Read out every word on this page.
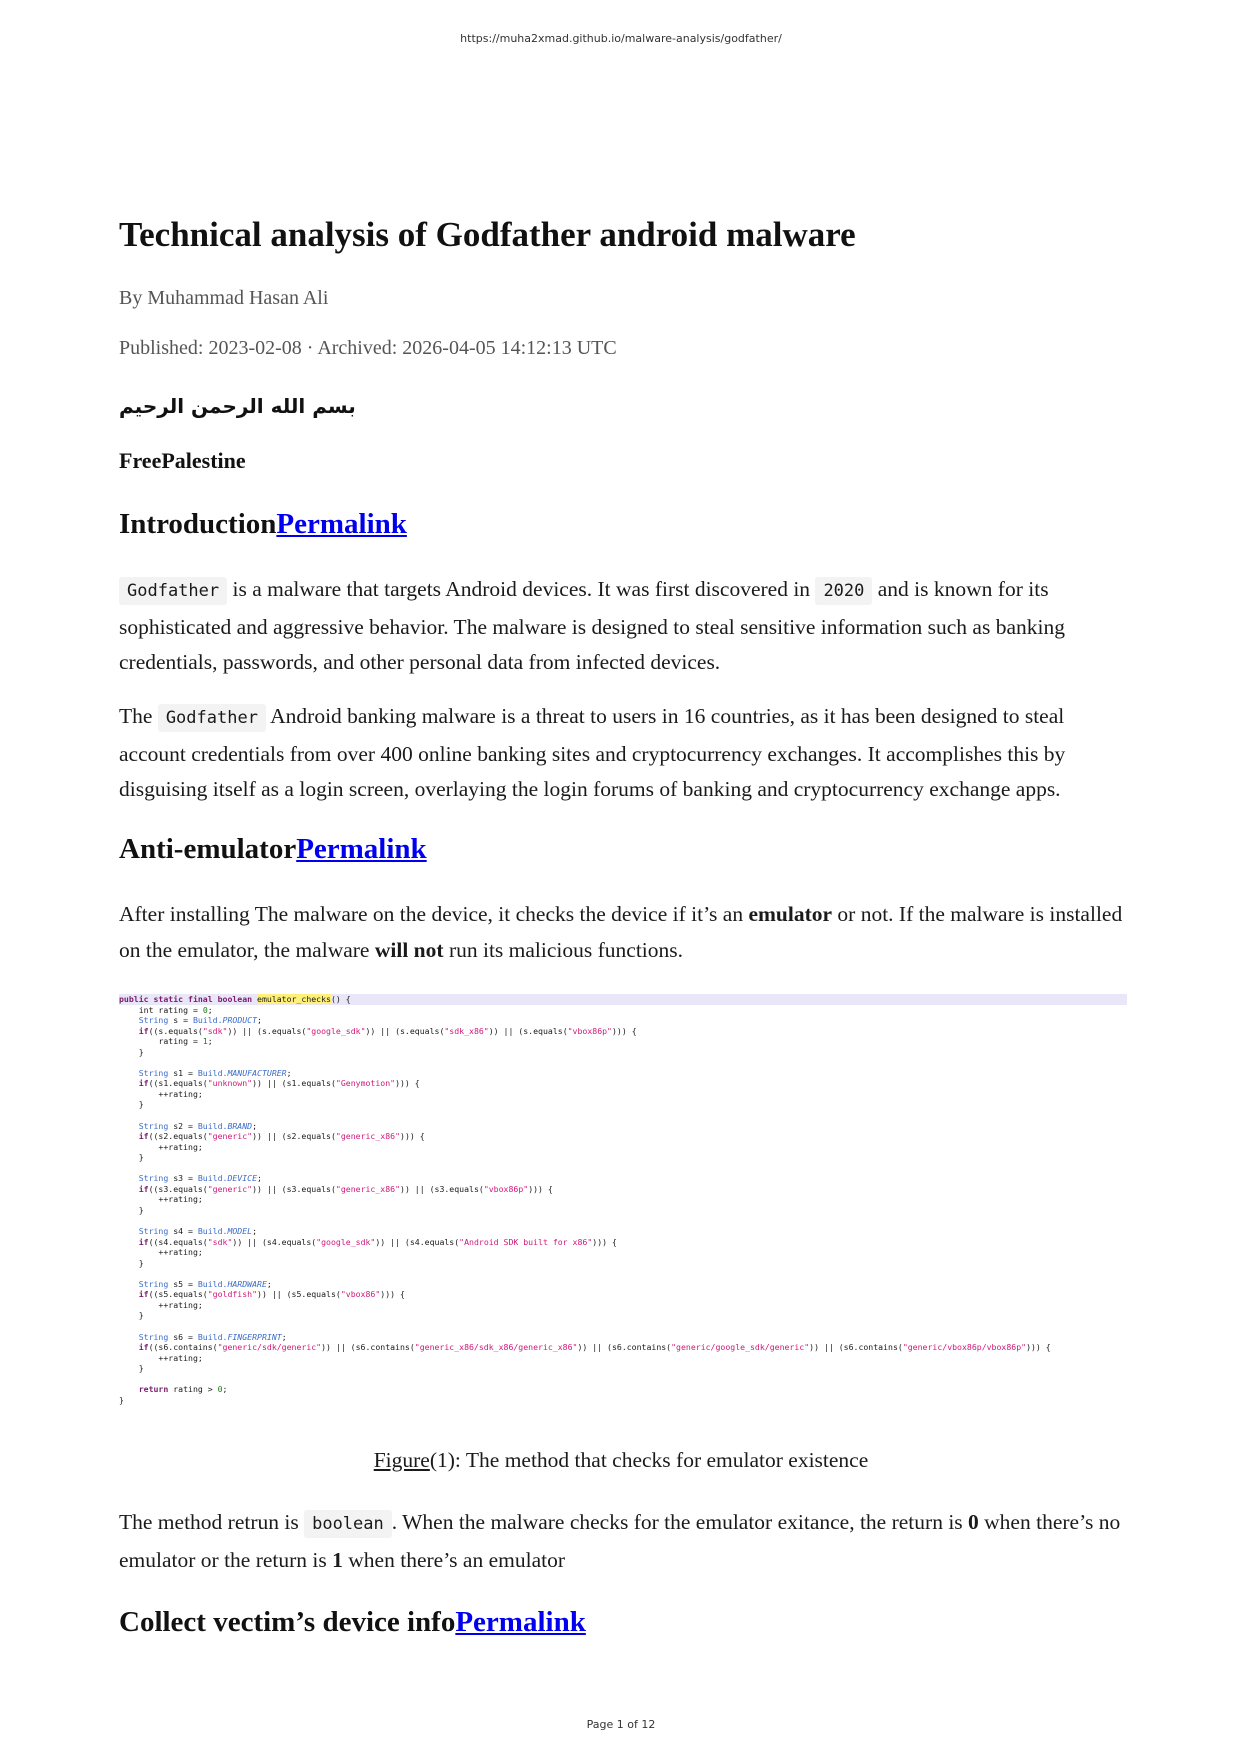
https://muha2xmad.github.io/malware-analysis/godfather/
Technical analysis of Godfather android malware
By Muhammad Hasan Ali
Published: 2023-02-08 · Archived: 2026-04-05 14:12:13 UTC
بسم الله الرحمن الرحيم
FreePalestine
IntroductionPermalink

Godfather is a malware that targets Android devices. It was first discovered in 2020 and is known for its sophisticated and aggressive behavior. The malware is designed to steal sensitive information such as banking credentials, passwords, and other personal data from infected devices.

The Godfather Android banking malware is a threat to users in 16 countries, as it has been designed to steal account credentials from over 400 online banking sites and cryptocurrency exchanges. It accomplishes this by disguising itself as a login screen, overlaying the login forums of banking and cryptocurrency exchange apps.

Anti-emulatorPermalink

After installing The malware on the device, it checks the device if it’s an emulator or not. If the malware is installed on the emulator, the malware will not run its malicious functions.

The method retrun is boolean . When the malware checks for the emulator exitance, the return is 0 when there’s no emulator or the return is 1 when there’s an emulator

Collect vectim’s device infoPermalink
public static final boolean emulator_checks() {
int rating = 0;
String s = Build.PRODUCT;
if((s.equals("sdk")) || (s.equals("google_sdk")) || (s.equals("sdk_x86")) || (s.equals("vbox86p"))) {
rating = 1;
}

String s1 = Build.MANUFACTURER;
if((s1.equals("unknown")) || (s1.equals("Genymotion"))) {
++rating;
}

String s2 = Build.BRAND;
if((s2.equals("generic")) || (s2.equals("generic_x86"))) {
++rating;
}

String s3 = Build.DEVICE;
if((s3.equals("generic")) || (s3.equals("generic_x86")) || (s3.equals("vbox86p"))) {
++rating;
}

String s4 = Build.MODEL;
if((s4.equals("sdk")) || (s4.equals("google_sdk")) || (s4.equals("Android SDK built for x86"))) {
++rating;
}

String s5 = Build.HARDWARE;
if((s5.equals("goldfish")) || (s5.equals("vbox86"))) {
++rating;
}

String s6 = Build.FINGERPRINT;
if((s6.contains("generic/sdk/generic")) || (s6.contains("generic_x86/sdk_x86/generic_x86")) || (s6.contains("generic/google_sdk/generic")) || (s6.contains("generic/vbox86p/vbox86p"))) {
++rating;
}

return rating > 0;
}

Figure(1): The method that checks for emulator existence

Page 1 of 12
